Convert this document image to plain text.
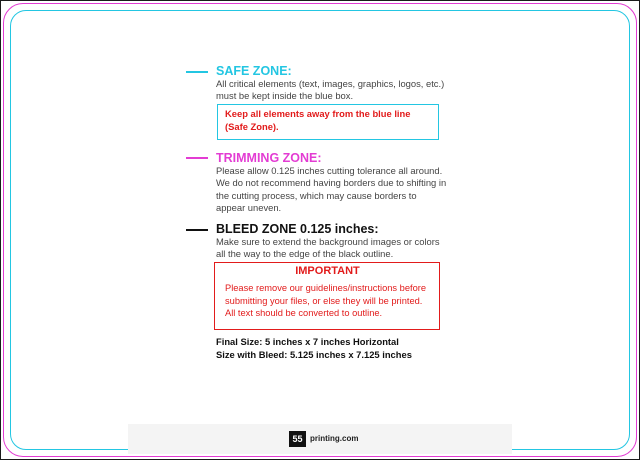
SAFE ZONE:
All critical elements (text, images, graphics, logos, etc.)
must be kept inside the blue box.
Keep all elements away from the blue line
(Safe Zone).
TRIMMING ZONE:
Please allow 0.125 inches cutting tolerance all around.
We do not recommend having borders due to shifting in
the cutting process, which may cause borders to
appear uneven.
BLEED ZONE 0.125 inches:
Make sure to extend the background images or colors
all the way to the edge of the black outline.
IMPORTANT
Please remove our guidelines/instructions before
submitting your files, or else they will be printed.
All text should be converted to outline.
Final Size: 5 inches x 7 inches Horizontal
Size with Bleed: 5.125 inches x 7.125 inches
55 printing.com
